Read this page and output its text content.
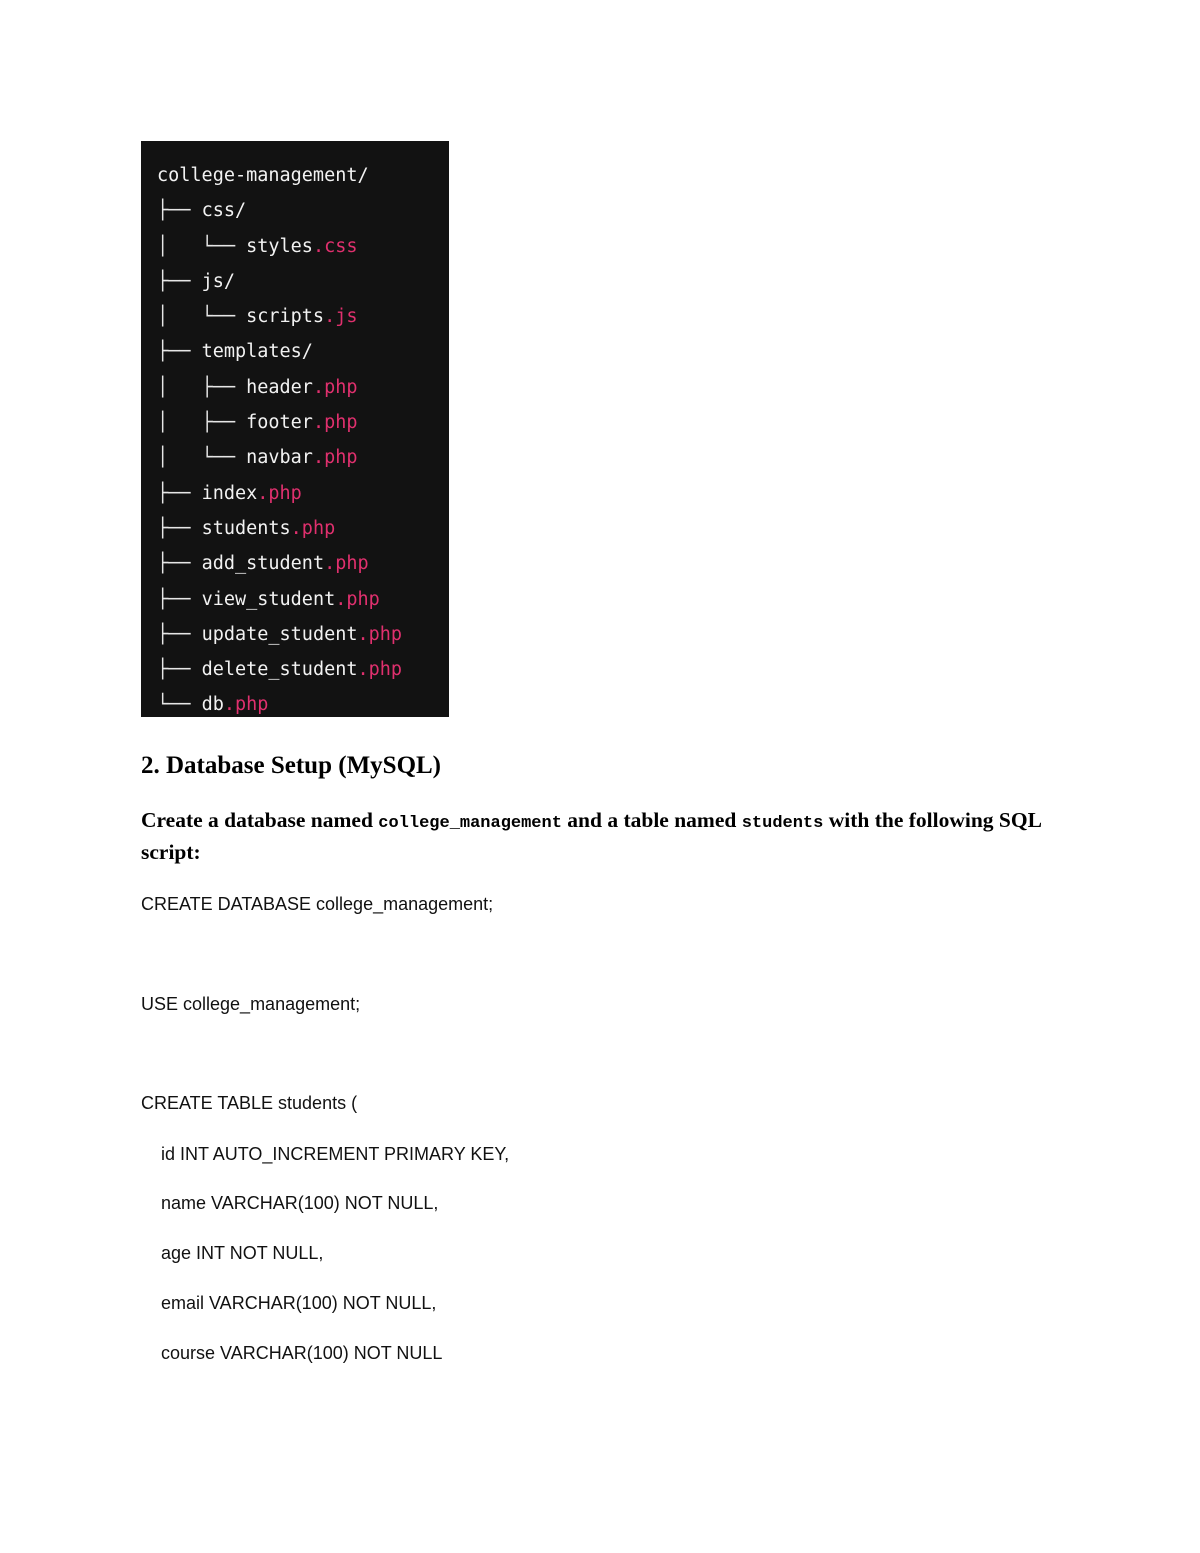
college-management/
├── css/
│   └── styles.css
├── js/
│   └── scripts.js
├── templates/
│   ├── header.php
│   ├── footer.php
│   └── navbar.php
├── index.php
├── students.php
├── add_student.php
├── view_student.php
├── update_student.php
├── delete_student.php
└── db.php
2. Database Setup (MySQL)

Create a database named college_management and a table named students with the following SQL script:

CREATE DATABASE college_management;

USE college_management;

CREATE TABLE students (

id INT AUTO_INCREMENT PRIMARY KEY,

name VARCHAR(100) NOT NULL,

age INT NOT NULL,

email VARCHAR(100) NOT NULL,

course VARCHAR(100) NOT NULL
